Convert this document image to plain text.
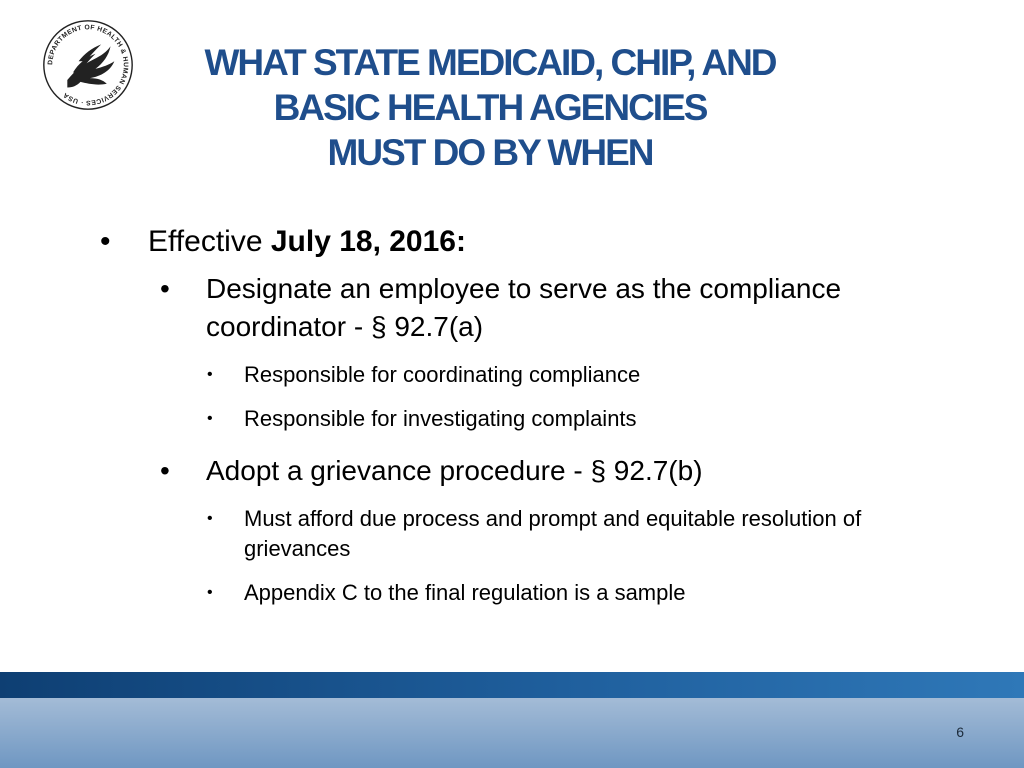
DEPARTMENT OF HEALTH & HUMAN SERVICES · USA
WHAT STATE MEDICAID, CHIP, AND
BASIC HEALTH AGENCIES
MUST DO BY WHEN
• Effective July 18, 2016:
• Designate an employee to serve as the compliance coordinator - § 92.7(a)
• Responsible for coordinating compliance
• Responsible for investigating complaints
• Adopt a grievance procedure - § 92.7(b)
• Must afford due process and prompt and equitable resolution of grievances
• Appendix C to the final regulation is a sample
6
